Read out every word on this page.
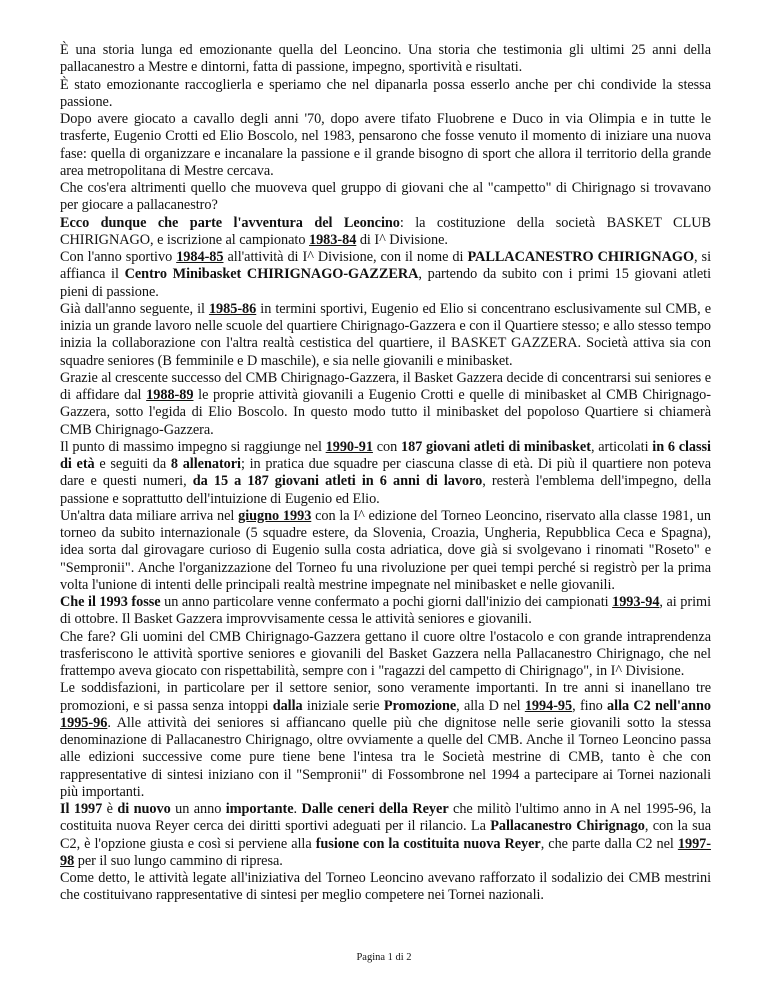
È una storia lunga ed emozionante quella del Leoncino. Una storia che testimonia gli ultimi 25 anni della pallacanestro a Mestre e dintorni, fatta di passione, impegno, sportività e risultati.

È stato emozionante raccoglierla e speriamo che nel dipanarla possa esserlo anche per chi condivide la stessa passione.

Dopo avere giocato a cavallo degli anni '70, dopo avere tifato Fluobrene e Duco in via Olimpia e in tutte le trasferte, Eugenio Crotti ed Elio Boscolo, nel 1983, pensarono che fosse venuto il momento di iniziare una nuova fase: quella di organizzare e incanalare la passione e il grande bisogno di sport che allora il territorio della grande area metropolitana di Mestre cercava.

Che cos'era altrimenti quello che muoveva quel gruppo di giovani che al "campetto" di Chirignago si trovavano per giocare a pallacanestro?

Ecco dunque che parte l'avventura del Leoncino: la costituzione della società BASKET CLUB CHIRIGNAGO, e iscrizione al campionato 1983-84 di I^ Divisione.

Con l'anno sportivo 1984-85 all'attività di I^ Divisione, con il nome di PALLACANESTRO CHIRIGNAGO, si affianca il Centro Minibasket CHIRIGNAGO-GAZZERA, partendo da subito con i primi 15 giovani atleti pieni di passione.

Già dall'anno seguente, il 1985-86 in termini sportivi, Eugenio ed Elio si concentrano esclusivamente sul CMB, e inizia un grande lavoro nelle scuole del quartiere Chirignago-Gazzera e con il Quartiere stesso; e allo stesso tempo inizia la collaborazione con l'altra realtà cestistica del quartiere, il BASKET GAZZERA. Società attiva sia con squadre seniores (B femminile e D maschile), e sia nelle giovanili e minibasket.

Grazie al crescente successo del CMB Chirignago-Gazzera, il Basket Gazzera decide di concentrarsi sui seniores e di affidare dal 1988-89 le proprie attività giovanili a Eugenio Crotti e quelle di minibasket al CMB Chirignago-Gazzera, sotto l'egida di Elio Boscolo. In questo modo tutto il minibasket del popoloso Quartiere si chiamerà CMB Chirignago-Gazzera.

Il punto di massimo impegno si raggiunge nel 1990-91 con 187 giovani atleti di minibasket, articolati in 6 classi di età e seguiti da 8 allenatori; in pratica due squadre per ciascuna classe di età. Di più il quartiere non poteva dare e questi numeri, da 15 a 187 giovani atleti in 6 anni di lavoro, resterà l'emblema dell'impegno, della passione e soprattutto dell'intuizione di Eugenio ed Elio.

Un'altra data miliare arriva nel giugno 1993 con la I^ edizione del Torneo Leoncino, riservato alla classe 1981, un torneo da subito internazionale (5 squadre estere, da Slovenia, Croazia, Ungheria, Repubblica Ceca e Spagna), idea sorta dal girovagare curioso di Eugenio sulla costa adriatica, dove già si svolgevano i rinomati "Roseto" e "Sempronii". Anche l'organizzazione del Torneo fu una rivoluzione per quei tempi perché si registrò per la prima volta l'unione di intenti delle principali realtà mestrine impegnate nel minibasket e nelle giovanili.

Che il 1993 fosse un anno particolare venne confermato a pochi giorni dall'inizio dei campionati 1993-94, ai primi di ottobre. Il Basket Gazzera improvvisamente cessa le attività seniores e giovanili.

Che fare? Gli uomini del CMB Chirignago-Gazzera gettano il cuore oltre l'ostacolo e con grande intraprendenza trasferiscono le attività sportive seniores e giovanili del Basket Gazzera nella Pallacanestro Chirignago, che nel frattempo aveva giocato con rispettabilità, sempre con i "ragazzi del campetto di Chirignago", in I^ Divisione.

Le soddisfazioni, in particolare per il settore senior, sono veramente importanti. In tre anni si inanellano tre promozioni, e si passa senza intoppi dalla iniziale serie Promozione, alla D nel 1994-95, fino alla C2 nell'anno 1995-96. Alle attività dei seniores si affiancano quelle più che dignitose nelle serie giovanili sotto la stessa denominazione di Pallacanestro Chirignago, oltre ovviamente a quelle del CMB. Anche il Torneo Leoncino passa alle edizioni successive come pure tiene bene l'intesa tra le Società mestrine di CMB, tanto è che con rappresentative di sintesi iniziano con il "Sempronii" di Fossombrone nel 1994 a partecipare ai Tornei nazionali più importanti.

Il 1997 è di nuovo un anno importante. Dalle ceneri della Reyer che militò l'ultimo anno in A nel 1995-96, la costituita nuova Reyer cerca dei diritti sportivi adeguati per il rilancio. La Pallacanestro Chirignago, con la sua C2, è l'opzione giusta e così si perviene alla fusione con la costituita nuova Reyer, che parte dalla C2 nel 1997-98 per il suo lungo cammino di ripresa.

Come detto, le attività legate all'iniziativa del Torneo Leoncino avevano rafforzato il sodalizio dei CMB mestrini che costituivano rappresentative di sintesi per meglio competere nei Tornei nazionali.

Pagina 1 di 2
